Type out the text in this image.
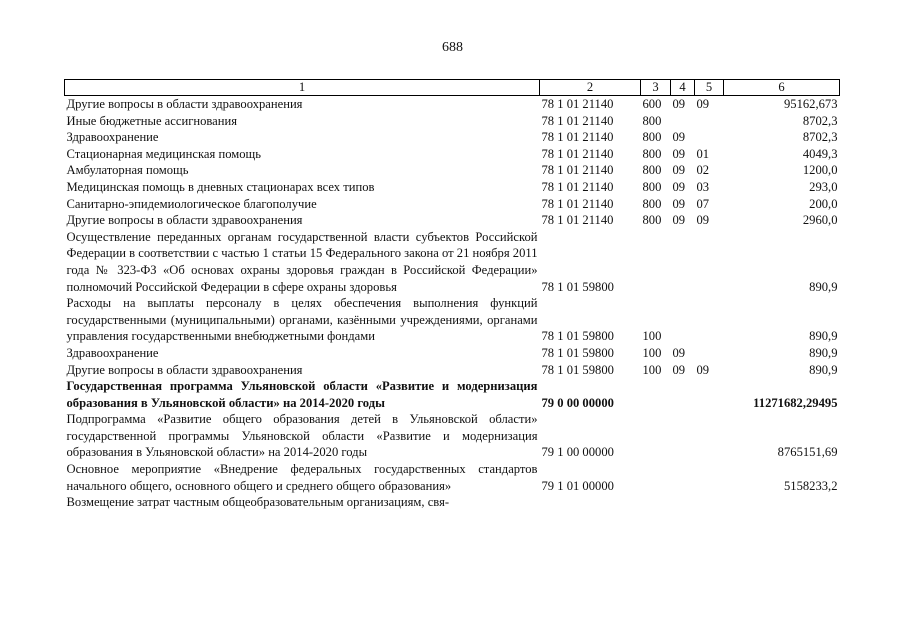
688
1	2	3	4	5	6
Другие вопросы в области здравоохранения	78 1 01 21140	600	09	09	95162,673
Иные бюджетные ассигнования	78 1 01 21140	800			8702,3
Здравоохранение	78 1 01 21140	800	09		8702,3
Стационарная медицинская помощь	78 1 01 21140	800	09	01	4049,3
Амбулаторная помощь	78 1 01 21140	800	09	02	1200,0
Медицинская помощь в дневных стационарах всех типов	78 1 01 21140	800	09	03	293,0
Санитарно-эпидемиологическое благополучие	78 1 01 21140	800	09	07	200,0
Другие вопросы в области здравоохранения	78 1 01 21140	800	09	09	2960,0
Осуществление переданных органам государственной власти субъектов Российской Федерации в соответствии с частью 1 статьи 15 Федерального закона от 21 ноября 2011 года № 323-ФЗ «Об основах охраны здоровья граждан в Российской Федерации» полномочий Российской Федерации в сфере охраны здоровья	78 1 01 59800				890,9
Расходы на выплаты персоналу в целях обеспечения выполнения функций государственными (муниципальными) органами, казёнными учреждениями, органами управления государственными внебюджетными фондами	78 1 01 59800	100			890,9
Здравоохранение	78 1 01 59800	100	09		890,9
Другие вопросы в области здравоохранения	78 1 01 59800	100	09	09	890,9
Государственная программа Ульяновской области «Развитие и модернизация образования в Ульяновской области» на 2014-2020 годы	79 0 00 00000				11271682,29495
Подпрограмма «Развитие общего образования детей в Ульяновской области» государственной программы Ульяновской области «Развитие и модернизация образования в Ульяновской области» на 2014-2020 годы	79 1 00 00000				8765151,69
Основное мероприятие «Внедрение федеральных государственных стандартов начального общего, основного общего и среднего общего образования»	79 1 01 00000				5158233,2
Возмещение затрат частным общеобразовательным организациям, свя-					
